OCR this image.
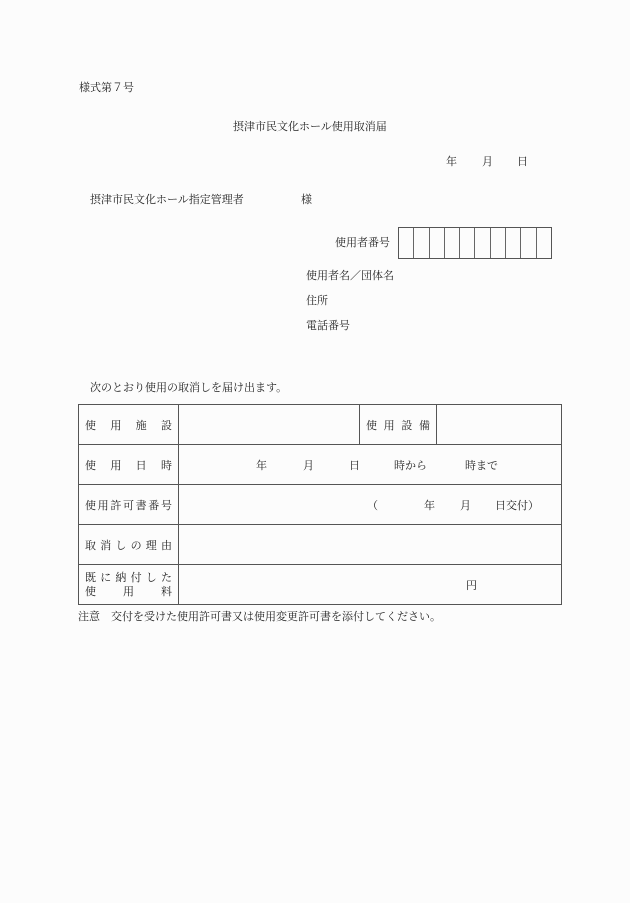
様式第７号
摂津市民文化ホール使用取消届
年 月 日
摂津市民文化ホール指定管理者	様
使用者番号
使用者名／団体名
住所
電話番号
次のとおり使用の取消しを届け出ます。
使 用 施 設		使 用 設 備	

使 用 日 時	年 月 日 時から 時まで		

使 用 許 可 書 番 号	（	年 月 日交付）

取 消 し の 理 由

既 に 納 付 し た
使 用 料	円
注意　交付を受けた使用許可書又は使用変更許可書を添付してください。
